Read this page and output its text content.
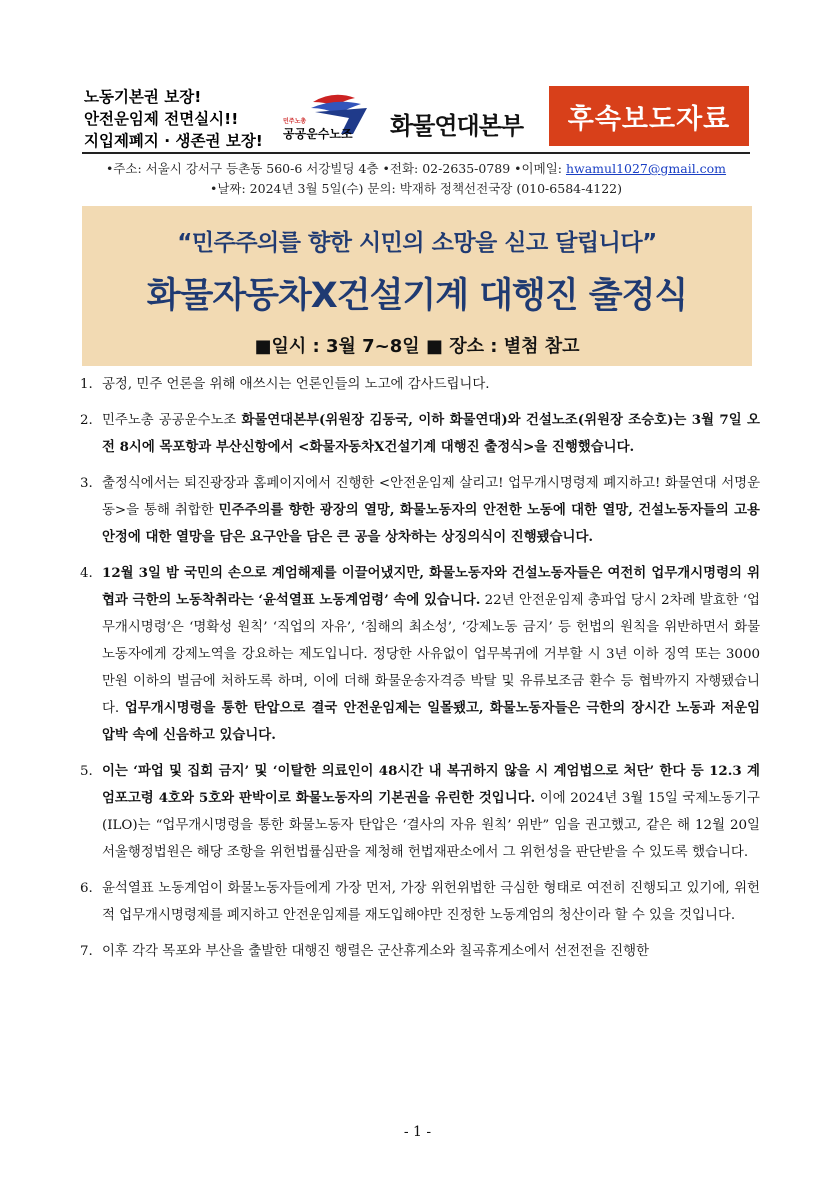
노동기본권 보장!
안전운임제 전면실시!!
지입제폐지 · 생존권 보장!
민주노총
공공운수노조 화물연대본부	후속보도자료
•주소: 서울시 강서구 등촌동 560-6 서강빌딩 4층 •전화: 02-2635-0789 •이메일: hwamul1027@gmail.com
•날짜: 2024년 3월 5일(수) 문의: 박재하 정책선전국장 (010-6584-4122)
“민주주의를 향한 시민의 소망을 싣고 달립니다”
화물자동차X건설기계 대행진 출정식
■일시 : 3월 7~8일 ■ 장소 : 별첨 참고
1. 공정, 민주 언론을 위해 애쓰시는 언론인들의 노고에 감사드립니다.
2. 민주노총 공공운수노조 화물연대본부(위원장 김동국, 이하 화물연대)와 건설노조(위원장 조승호)는 3월 7일 오전 8시에 목포항과 부산신항에서 <화물자동차X건설기계 대행진 출정식>을 진행했습니다.
3. 출정식에서는 퇴진광장과 홈페이지에서 진행한 <안전운임제 살리고! 업무개시명령제 폐지하고! 화물연대 서명운동>을 통해 취합한 민주주의를 향한 광장의 열망, 화물노동자의 안전한 노동에 대한 열망, 건설노동자들의 고용안정에 대한 열망을 담은 요구안을 담은 큰 공을 상차하는 상징의식이 진행됐습니다.
4. 12월 3일 밤 국민의 손으로 계엄해제를 이끌어냈지만, 화물노동자와 건설노동자들은 여전히 업무개시명령의 위협과 극한의 노동착취라는 ‘윤석열표 노동계엄령’ 속에 있습니다. 22년 안전운임제 총파업 당시 2차례 발효한 ‘업무개시명령’은 ‘명확성 원칙’ ‘직업의 자유’, ‘침해의 최소성’, ‘강제노동 금지’ 등 헌법의 원칙을 위반하면서 화물노동자에게 강제노역을 강요하는 제도입니다. 정당한 사유없이 업무복귀에 거부할 시 3년 이하 징역 또는 3000만원 이하의 벌금에 처하도록 하며, 이에 더해 화물운송자격증 박탈 및 유류보조금 환수 등 협박까지 자행됐습니다. 업무개시명령을 통한 탄압으로 결국 안전운임제는 일몰됐고, 화물노동자들은 극한의 장시간 노동과 저운임 압박 속에 신음하고 있습니다.
5. 이는 ‘파업 및 집회 금지’ 및 ‘이탈한 의료인이 48시간 내 복귀하지 않을 시 계엄법으로 처단’ 한다 등 12.3 계엄포고령 4호와 5호와 판박이로 화물노동자의 기본권을 유린한 것입니다. 이에 2024년 3월 15일 국제노동기구(ILO)는 “업무개시명령을 통한 화물노동자 탄압은 ‘결사의 자유 원칙’ 위반” 임을 권고했고, 같은 해 12월 20일 서울행정법원은 해당 조항을 위헌법률심판을 제청해 헌법재판소에서 그 위헌성을 판단받을 수 있도록 했습니다.
6. 윤석열표 노동계엄이 화물노동자들에게 가장 먼저, 가장 위헌위법한 극심한 형태로 여전히 진행되고 있기에, 위헌적 업무개시명령제를 폐지하고 안전운임제를 재도입해야만 진정한 노동계엄의 청산이라 할 수 있을 것입니다.
7. 이후 각각 목포와 부산을 출발한 대행진 행렬은 군산휴게소와 칠곡휴게소에서 선전전을 진행한
- 1 -
